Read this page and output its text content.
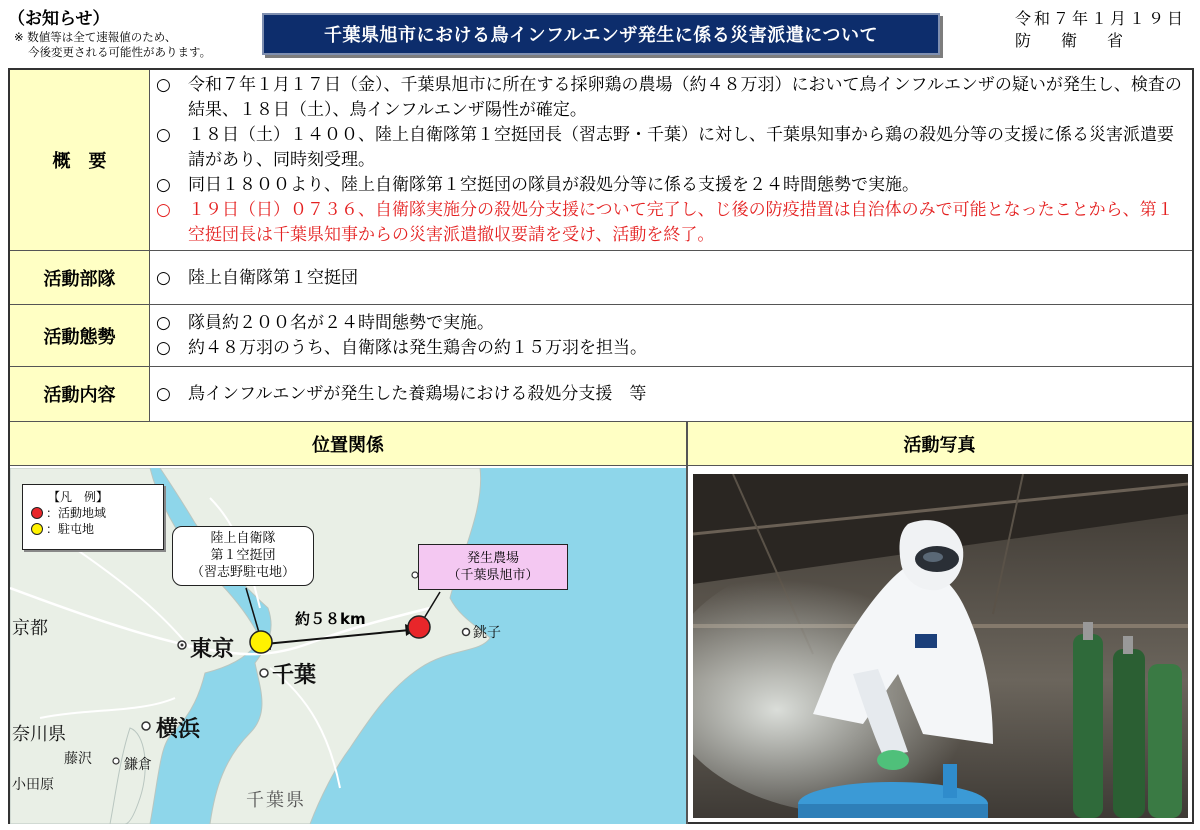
（お知らせ）
※ 数値等は全て速報値のため、
今後変更される可能性があります。
千葉県旭市における鳥インフルエンザ発生に係る災害派遣について
令和７年１月１９日
防衛省
概　要
○	令和７年１月１７日（金）、千葉県旭市に所在する採卵鶏の農場（約４８万羽）において鳥インフルエンザの疑いが発生し、検査の結果、１８日（土）、鳥インフルエンザ陽性が確定。
○	１８日（土）１４００、陸上自衛隊第１空挺団長（習志野・千葉）に対し、千葉県知事から鶏の殺処分等の支援に係る災害派遣要請があり、同時刻受理。
○	同日１８００より、陸上自衛隊第１空挺団の隊員が殺処分等に係る支援を２４時間態勢で実施。
○	１９日（日）０７３６、自衛隊実施分の殺処分支援について完了し、じ後の防疫措置は自治体のみで可能となったことから、第１空挺団長は千葉県知事からの災害派遣撤収要請を受け、活動を終了。
活動部隊	○	陸上自衛隊第１空挺団
活動態勢
○	隊員約２００名が２４時間態勢で実施。
○	約４８万羽のうち、自衛隊は発生鶏舎の約１５万羽を担当。
活動内容	○	鳥インフルエンザが発生した養鶏場における殺処分支援　等
位置関係	活動写真
【凡　例】
：活動地域
：駐屯地
陸上自衛隊
第１空挺団
（習志野駐屯地）
発生農場
（千葉県旭市）
約５８km
東京
千葉
横浜
銚子
京都
奈川県
藤沢 鎌倉
小田原
千葉県
